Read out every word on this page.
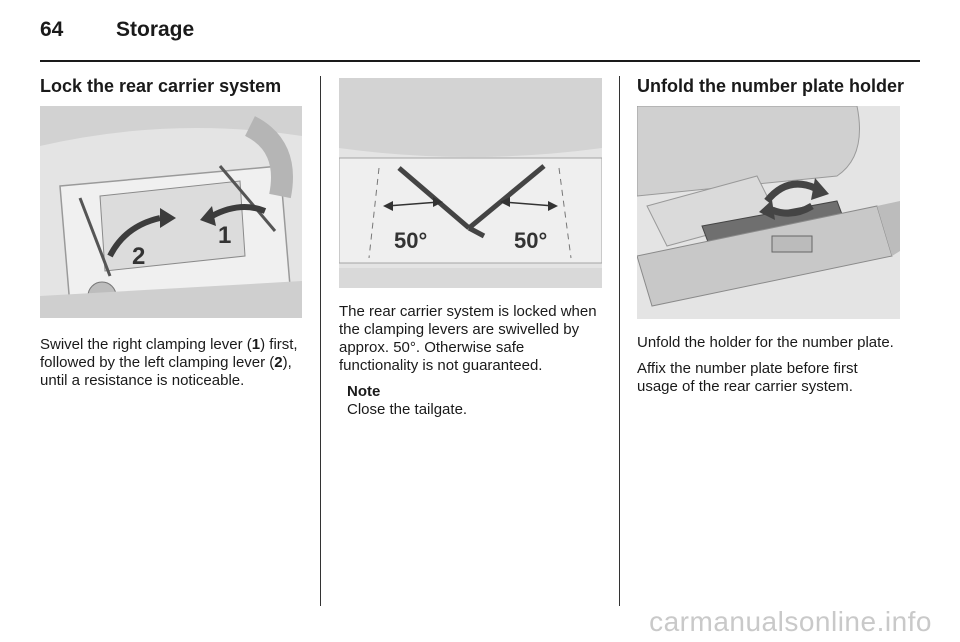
64	Storage
Lock the rear carrier system
1
2

Swivel the right clamping lever (1) first, followed by the left clamping lever (2), until a resistance is noticeable.

50°	50°

The rear carrier system is locked when the clamping levers are swivelled by approx. 50°. Otherwise safe functionality is not guaranteed.

Note
Close the tailgate.
Unfold the number plate holder

Unfold the holder for the number plate.

Affix the number plate before first usage of the rear carrier system.

carmanualsonline.info
